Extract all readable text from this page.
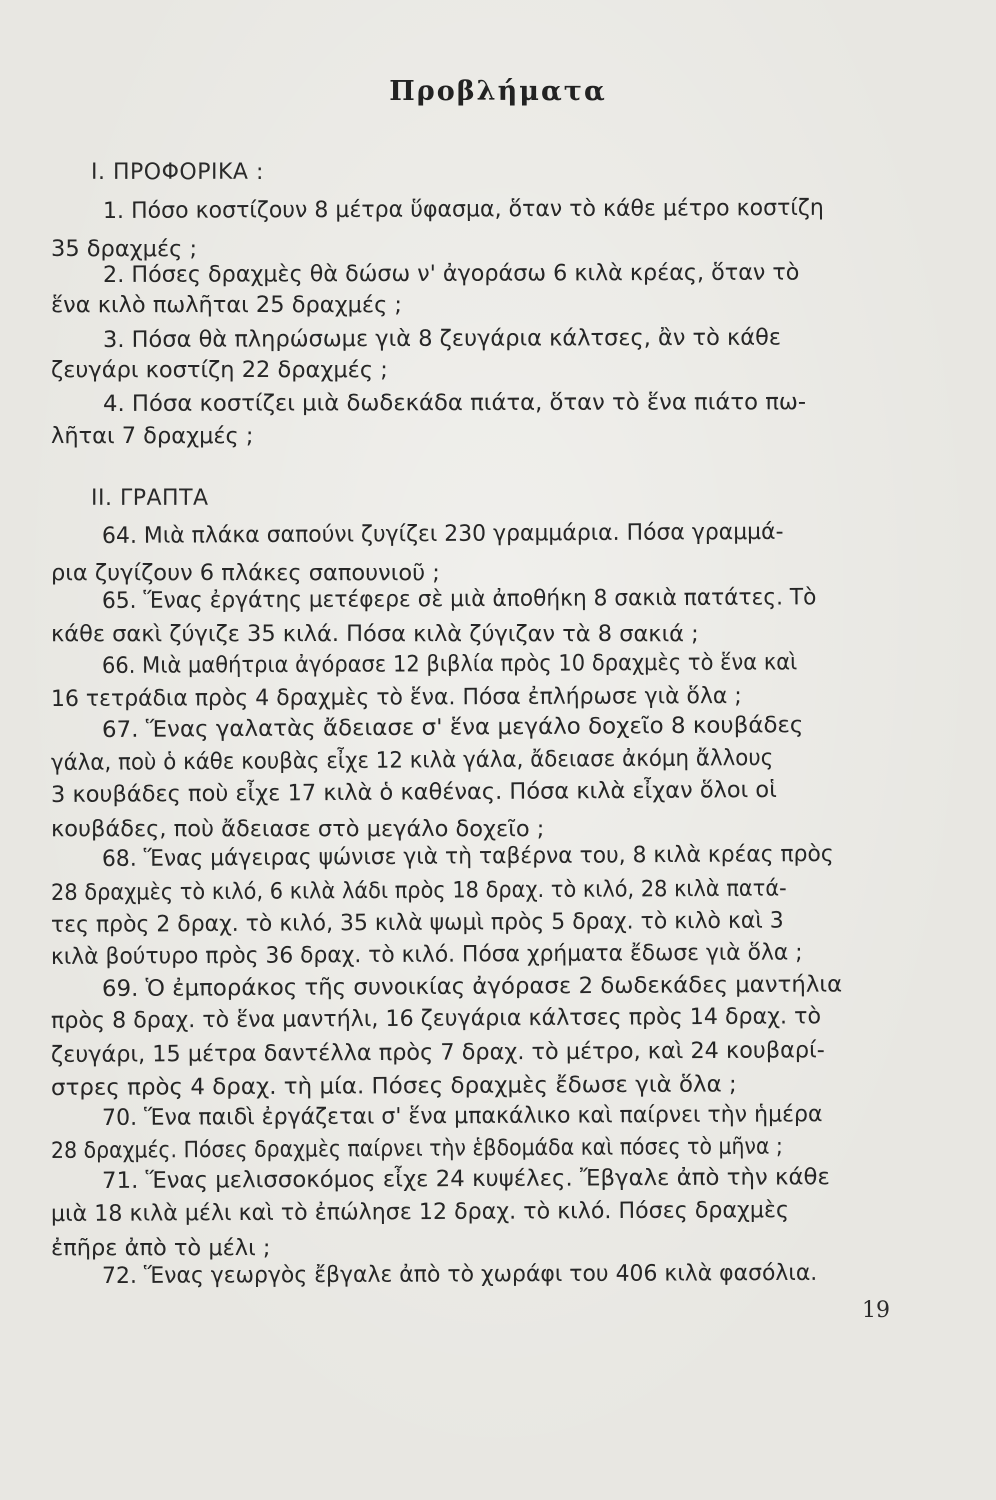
Προβλήματα
Ι. ΠΡΟΦΟΡΙΚΑ :
1. Πόσο κοστίζουν 8 μέτρα ὕφασμα, ὅταν τὸ κάθε μέτρο κοστίζη
35 δραχμές ;
2. Πόσες δραχμὲς θὰ δώσω ν' ἀγοράσω 6 κιλὰ κρέας, ὅταν τὸ
ἕνα κιλὸ πωλῆται 25 δραχμές ;
3. Πόσα θὰ πληρώσωμε γιὰ 8 ζευγάρια κάλτσες, ἂν τὸ κάθε
ζευγάρι κοστίζη 22 δραχμές ;
4. Πόσα κοστίζει μιὰ δωδεκάδα πιάτα, ὅταν τὸ ἕνα πιάτο πω-
λῆται 7 δραχμές ;
ΙΙ. ΓΡΑΠΤΑ
64. Μιὰ πλάκα σαπούνι ζυγίζει 230 γραμμάρια. Πόσα γραμμά-
ρια ζυγίζουν 6 πλάκες σαπουνιοῦ ;
65. Ἕνας ἐργάτης μετέφερε σὲ μιὰ ἀποθήκη 8 σακιὰ πατάτες. Τὸ
κάθε σακὶ ζύγιζε 35 κιλά. Πόσα κιλὰ ζύγιζαν τὰ 8 σακιά ;
66. Μιὰ μαθήτρια ἀγόρασε 12 βιβλία πρὸς 10 δραχμὲς τὸ ἕνα καὶ
16 τετράδια πρὸς 4 δραχμὲς τὸ ἕνα. Πόσα ἐπλήρωσε γιὰ ὅλα ;
67. Ἕνας γαλατὰς ἄδειασε σ' ἕνα μεγάλο δοχεῖο 8 κουβάδες
γάλα, ποὺ ὁ κάθε κουβὰς εἶχε 12 κιλὰ γάλα, ἄδειασε ἀκόμη ἄλλους
3 κουβάδες ποὺ εἶχε 17 κιλὰ ὁ καθένας. Πόσα κιλὰ εἶχαν ὅλοι οἱ
κουβάδες, ποὺ ἄδειασε στὸ μεγάλο δοχεῖο ;
68. Ἕνας μάγειρας ψώνισε γιὰ τὴ ταβέρνα του, 8 κιλὰ κρέας πρὸς
28 δραχμὲς τὸ κιλό, 6 κιλὰ λάδι πρὸς 18 δραχ. τὸ κιλό, 28 κιλὰ πατά-
τες πρὸς 2 δραχ. τὸ κιλό, 35 κιλὰ ψωμὶ πρὸς 5 δραχ. τὸ κιλὸ καὶ 3
κιλὰ βούτυρο πρὸς 36 δραχ. τὸ κιλό. Πόσα χρήματα ἔδωσε γιὰ ὅλα ;
69. Ὁ ἐμποράκος τῆς συνοικίας ἀγόρασε 2 δωδεκάδες μαντήλια
πρὸς 8 δραχ. τὸ ἕνα μαντήλι, 16 ζευγάρια κάλτσες πρὸς 14 δραχ. τὸ
ζευγάρι, 15 μέτρα δαντέλλα πρὸς 7 δραχ. τὸ μέτρο, καὶ 24 κουβαρί-
στρες πρὸς 4 δραχ. τὴ μία. Πόσες δραχμὲς ἔδωσε γιὰ ὅλα ;
70. Ἕνα παιδὶ ἐργάζεται σ' ἕνα μπακάλικο καὶ παίρνει τὴν ἡμέρα
28 δραχμές. Πόσες δραχμὲς παίρνει τὴν ἑβδομάδα καὶ πόσες τὸ μῆνα ;
71. Ἕνας μελισσοκόμος εἶχε 24 κυψέλες. Ἔβγαλε ἀπὸ τὴν κάθε
μιὰ 18 κιλὰ μέλι καὶ τὸ ἐπώλησε 12 δραχ. τὸ κιλό. Πόσες δραχμὲς
ἐπῆρε ἀπὸ τὸ μέλι ;
72. Ἕνας γεωργὸς ἔβγαλε ἀπὸ τὸ χωράφι του 406 κιλὰ φασόλια.
19
